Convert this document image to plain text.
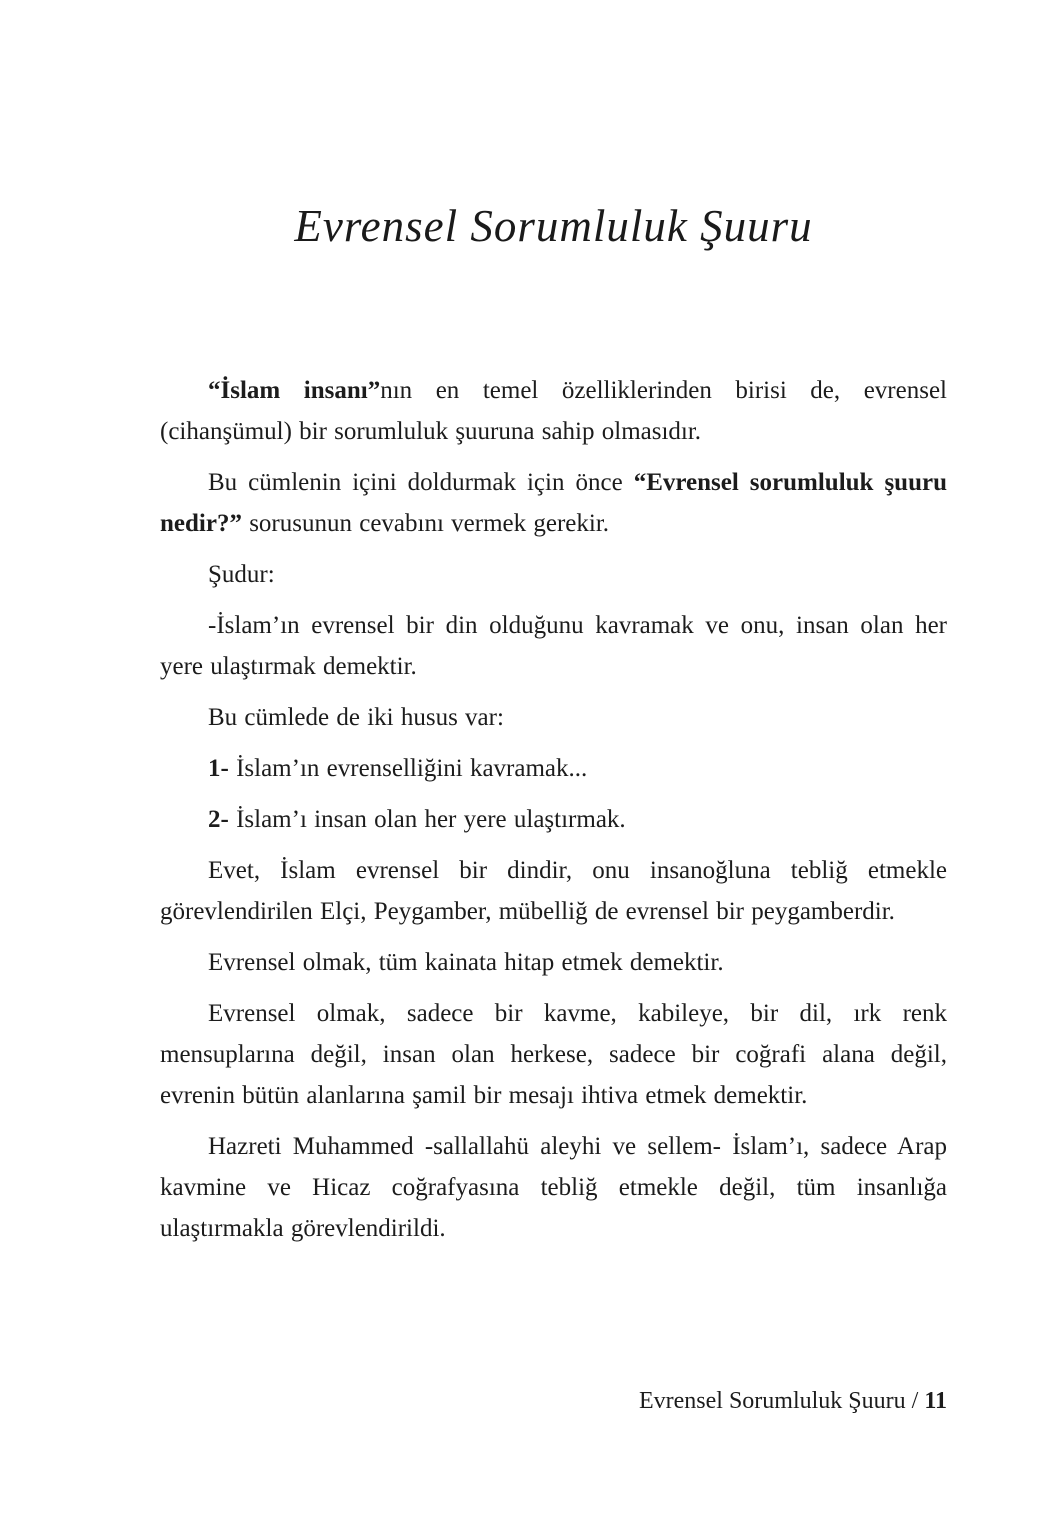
Evrensel Sorumluluk Şuuru

“İslam insanı”nın en temel özelliklerinden birisi de, evrensel (cihanşümul) bir sorumluluk şuuruna sahip olmasıdır.

Bu cümlenin içini doldurmak için önce “Evrensel sorumluluk şuuru nedir?” sorusunun cevabını vermek gerekir.

Şudur:

-İslam’ın evrensel bir din olduğunu kavramak ve onu, insan olan her yere ulaştırmak demektir.

Bu cümlede de iki husus var:

1- İslam’ın evrenselliğini kavramak...

2- İslam’ı insan olan her yere ulaştırmak.

Evet, İslam evrensel bir dindir, onu insanoğluna tebliğ etmekle görevlendirilen Elçi, Peygamber, mübelliğ de evrensel bir peygamberdir.

Evrensel olmak, tüm kainata hitap etmek demektir.

Evrensel olmak, sadece bir kavme, kabileye, bir dil, ırk renk mensuplarına değil, insan olan herkese, sadece bir coğrafi alana değil, evrenin bütün alanlarına şamil bir mesajı ihtiva etmek demektir.

Hazreti Muhammed -sallallahü aleyhi ve sellem- İslam’ı, sadece Arap kavmine ve Hicaz coğrafyasına tebliğ etmekle değil, tüm insanlığa ulaştırmakla görevlendirildi.

Evrensel Sorumluluk Şuuru / 11
